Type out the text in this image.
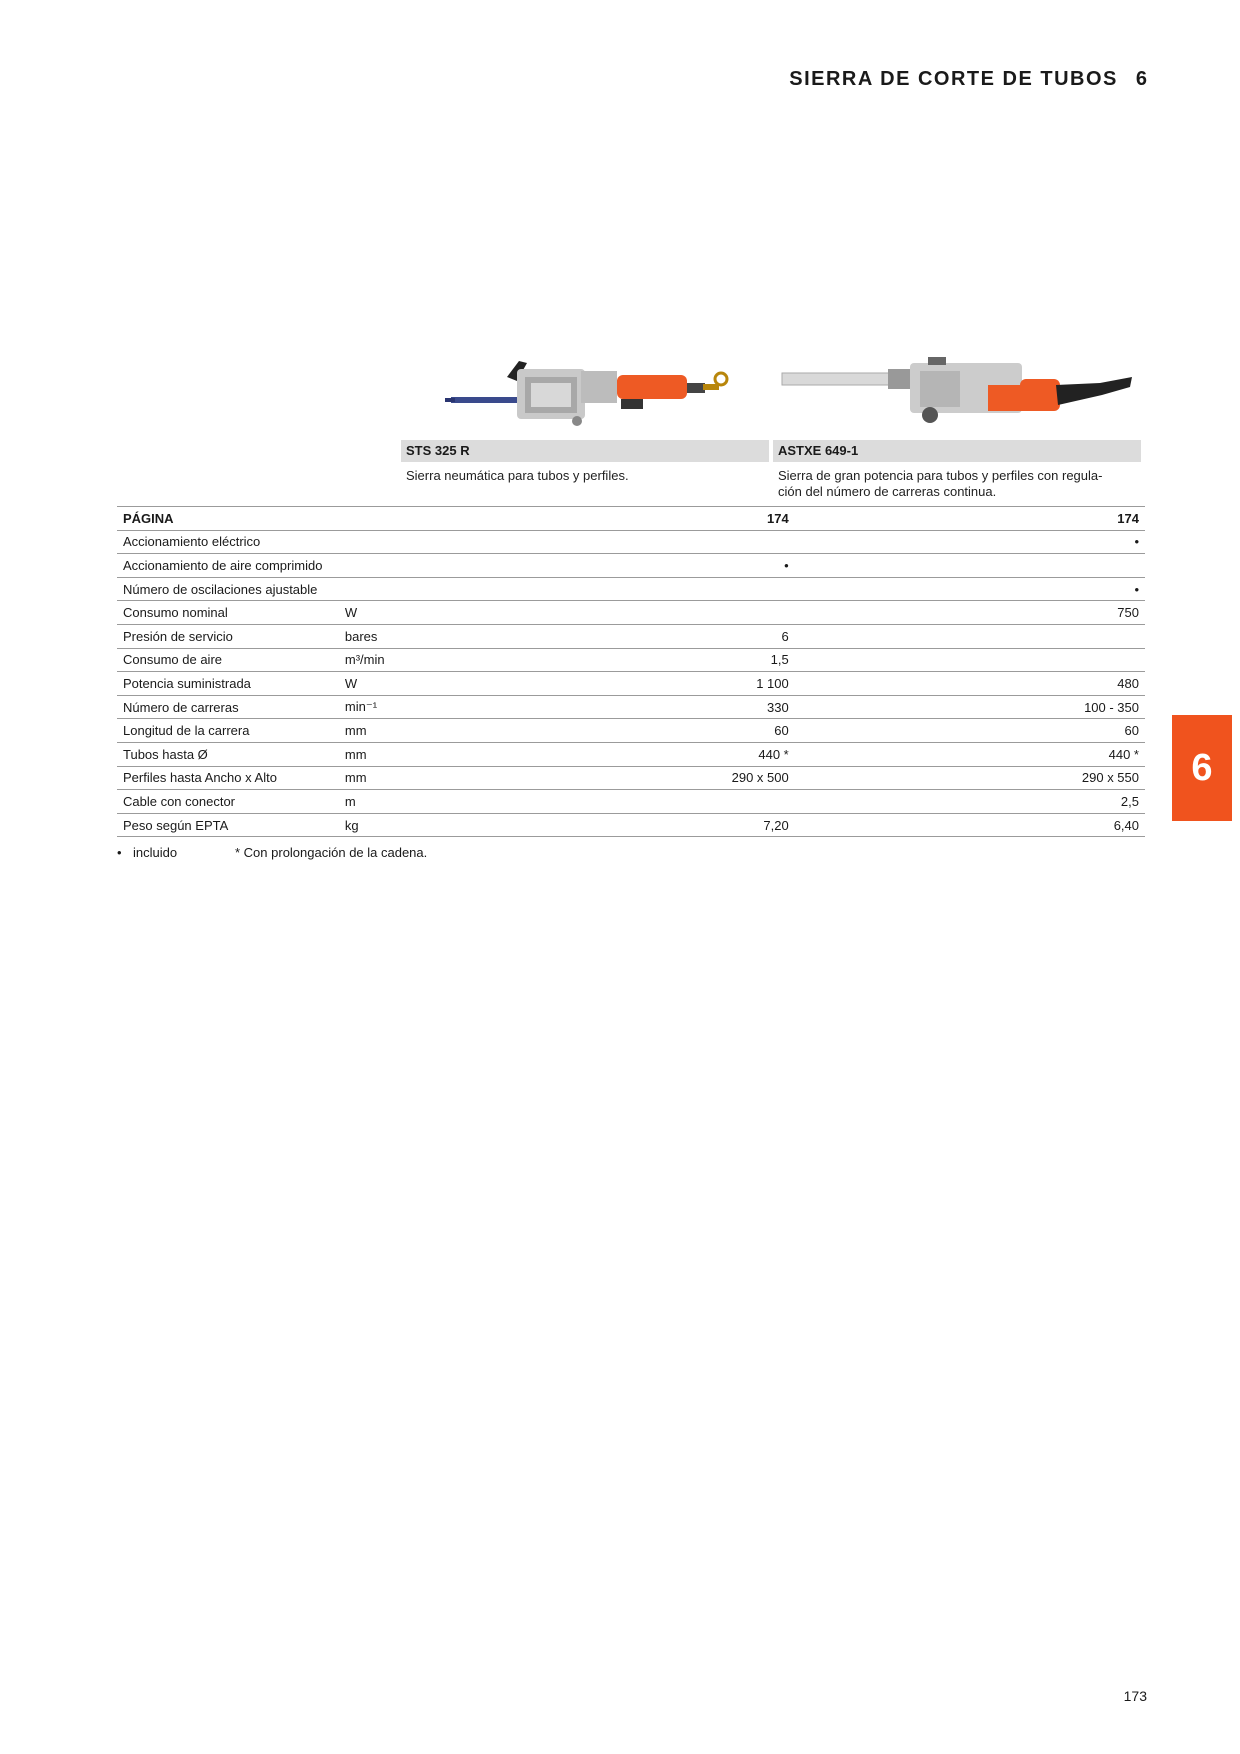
SIERRA DE CORTE DE TUBOS 6
STS 325 R	ASTXE 649-1
Sierra neumática para tubos y perfiles.	Sierra de gran potencia para tubos y perfiles con regula-
ción del número de carreras continua.
PÁGINA		174	174
Accionamiento eléctrico			•
Accionamiento de aire comprimido		•	
Número de oscilaciones ajustable			•
Consumo nominal	W		750
Presión de servicio	bares	6	
Consumo de aire	m³/min	1,5	
Potencia suministrada	W	1 100	480
Número de carreras	min⁻¹	330	100 - 350
Longitud de la carrera	mm	60	60
Tubos hasta Ø	mm	440 *	440 *
Perfiles hasta Ancho x Alto	mm	290 x 500	290 x 550
Cable con conector	m		2,5
Peso según EPTA	kg	7,20	6,40
• incluido	* Con prolongación de la cadena.
6
173
